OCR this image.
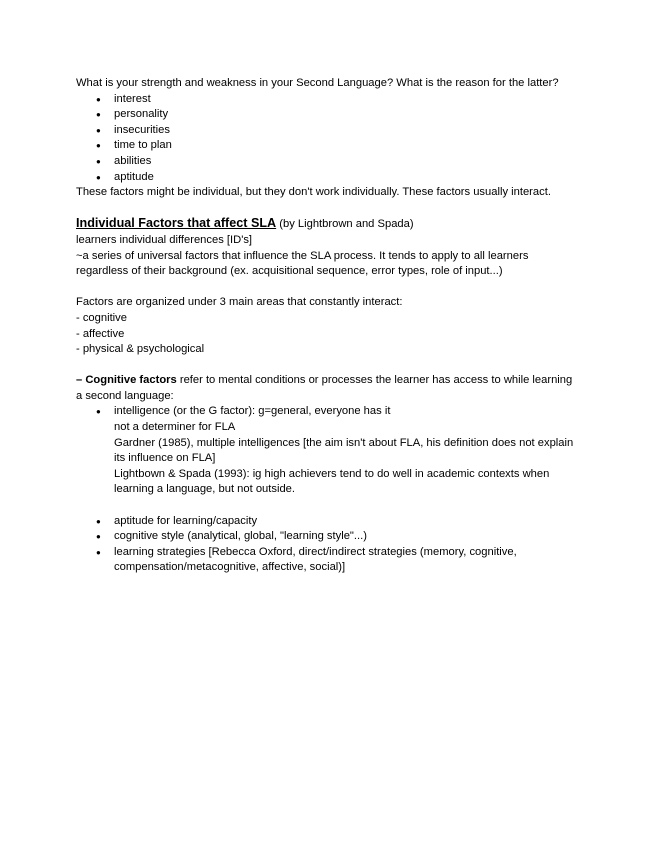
What is your strength and weakness in your Second Language? What is the reason for the latter?

● interest
● personality
● insecurities
● time to plan
● abilities
● aptitude

These factors might be individual, but they don't work individually. These factors usually interact.

Individual Factors that affect SLA (by Lightbrown and Spada)

learners individual differences [ID's]

~a series of universal factors that influence the SLA process. It tends to apply to all learners regardless of their background (ex. acquisitional sequence, error types, role of input...)

Factors are organized under 3 main areas that constantly interact:

- cognitive

- affective

- physical & psychological

– Cognitive factors refer to mental conditions or processes the learner has access to while learning a second language:

● intelligence (or the G factor): g=general, everyone has it
not a determiner for FLA
Gardner (1985), multiple intelligences [the aim isn't about FLA, his definition does not explain its influence on FLA]
Lightbown & Spada (1993): ig high achievers tend to do well in academic contexts when learning a language, but not outside.
● aptitude for learning/capacity
● cognitive style (analytical, global, "learning style"...)
● learning strategies [Rebecca Oxford, direct/indirect strategies (memory, cognitive, compensation/metacognitive, affective, social)]
